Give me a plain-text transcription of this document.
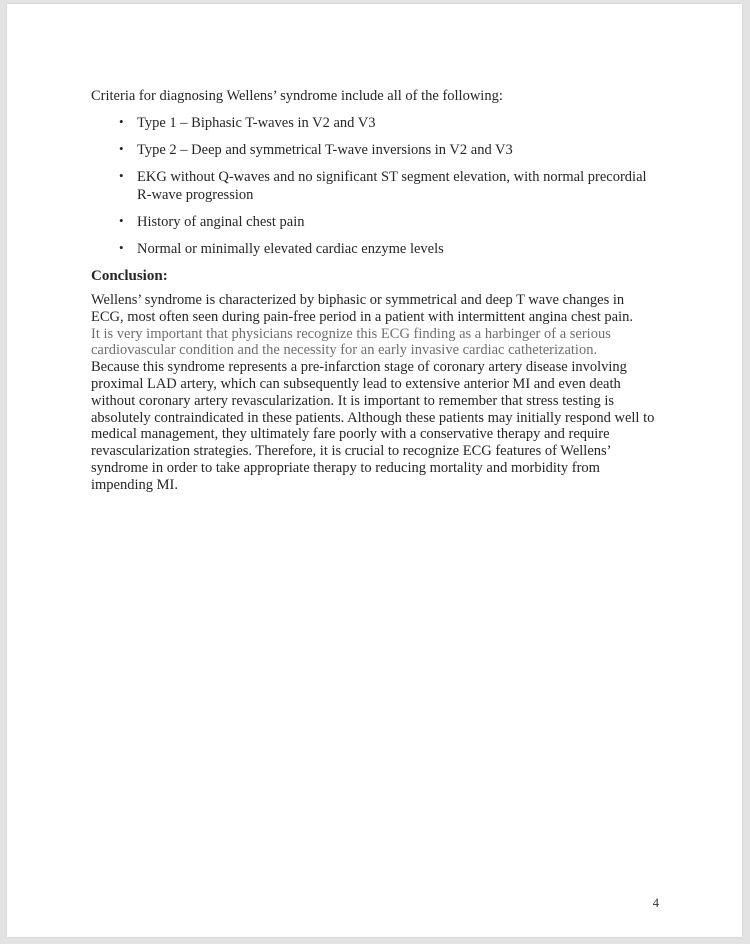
Criteria for diagnosing Wellens’ syndrome include all of the following:

• Type 1 – Biphasic T-waves in V2 and V3
• Type 2 – Deep and symmetrical T-wave inversions in V2 and V3
• EKG without Q-waves and no significant ST segment elevation, with normal precordial
R-wave progression
• History of anginal chest pain
• Normal or minimally elevated cardiac enzyme levels

Conclusion:

Wellens’ syndrome is characterized by biphasic or symmetrical and deep T wave changes in
ECG, most often seen during pain-free period in a patient with intermittent angina chest pain.
It is very important that physicians recognize this ECG finding as a harbinger of a serious
cardiovascular condition and the necessity for an early invasive cardiac catheterization.
Because this syndrome represents a pre-infarction stage of coronary artery disease involving
proximal LAD artery, which can subsequently lead to extensive anterior MI and even death
without coronary artery revascularization. It is important to remember that stress testing is
absolutely contraindicated in these patients. Although these patients may initially respond well to
medical management, they ultimately fare poorly with a conservative therapy and require
revascularization strategies. Therefore, it is crucial to recognize ECG features of Wellens’
syndrome in order to take appropriate therapy to reducing mortality and morbidity from
impending MI.
4
